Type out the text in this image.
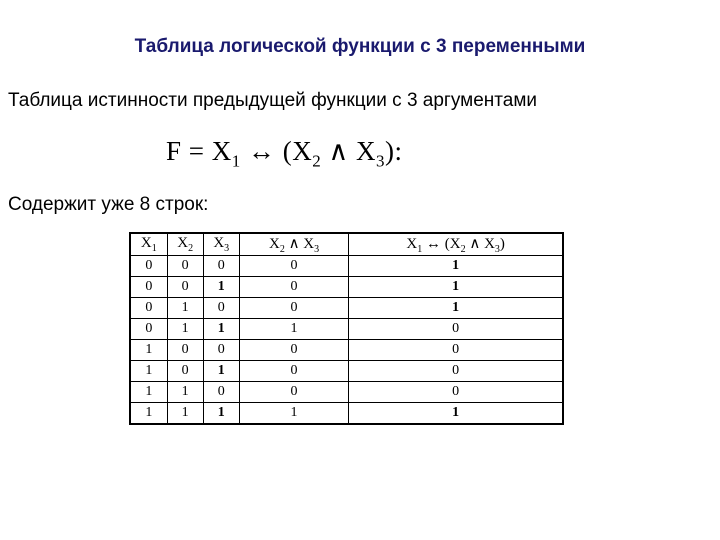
Таблица логической функции с 3 переменными
Таблица истинности предыдущей функции с 3 аргументами
$F = X_1$ ↔ ($X_2$ ∧ $X_3$):
Содержит уже 8 строк:
$X_1$	$X_2$	$X_3$	$X_2$ ∧ $X_3$	$X_1$ ↔ ($X_2$ ∧ $X_3$)
0	0	0	0	1
0	0	1	0	1
0	1	0	0	1
0	1	1	1	0
1	0	0	0	0
1	0	1	0	0
1	1	0	0	0
1	1	1	1	1
